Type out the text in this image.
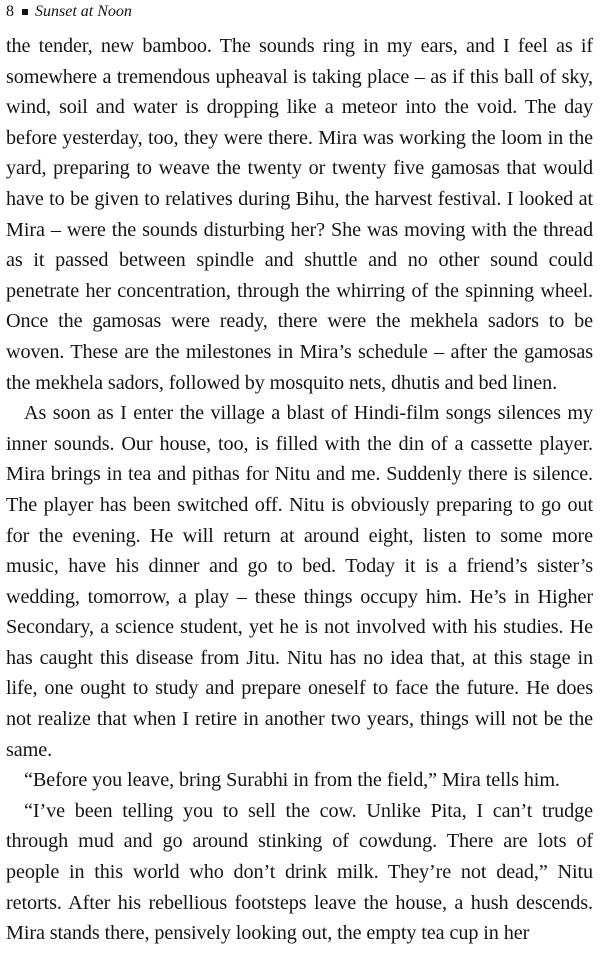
8 Sunset at Noon

the tender, new bamboo. The sounds ring in my ears, and I feel as if somewhere a tremendous upheaval is taking place – as if this ball of sky, wind, soil and water is dropping like a meteor into the void. The day before yesterday, too, they were there. Mira was working the loom in the yard, preparing to weave the twenty or twenty five gamosas that would have to be given to relatives during Bihu, the harvest festival. I looked at Mira – were the sounds disturbing her? She was moving with the thread as it passed between spindle and shuttle and no other sound could penetrate her concentration, through the whirring of the spinning wheel. Once the gamosas were ready, there were the mekhela sadors to be woven. These are the milestones in Mira’s schedule – after the gamosas the mekhela sadors, followed by mosquito nets, dhutis and bed linen.

As soon as I enter the village a blast of Hindi-film songs silences my inner sounds. Our house, too, is filled with the din of a cassette player. Mira brings in tea and pithas for Nitu and me. Suddenly there is silence. The player has been switched off. Nitu is obviously preparing to go out for the evening. He will return at around eight, listen to some more music, have his dinner and go to bed. Today it is a friend’s sister’s wedding, tomorrow, a play – these things occupy him. He’s in Higher Secondary, a science student, yet he is not involved with his studies. He has caught this disease from Jitu. Nitu has no idea that, at this stage in life, one ought to study and prepare oneself to face the future. He does not realize that when I retire in another two years, things will not be the same.

“Before you leave, bring Surabhi in from the field,” Mira tells him.

“I’ve been telling you to sell the cow. Unlike Pita, I can’t trudge through mud and go around stinking of cowdung. There are lots of people in this world who don’t drink milk. They’re not dead,” Nitu retorts. After his rebellious footsteps leave the house, a hush descends. Mira stands there, pensively looking out, the empty tea cup in her
